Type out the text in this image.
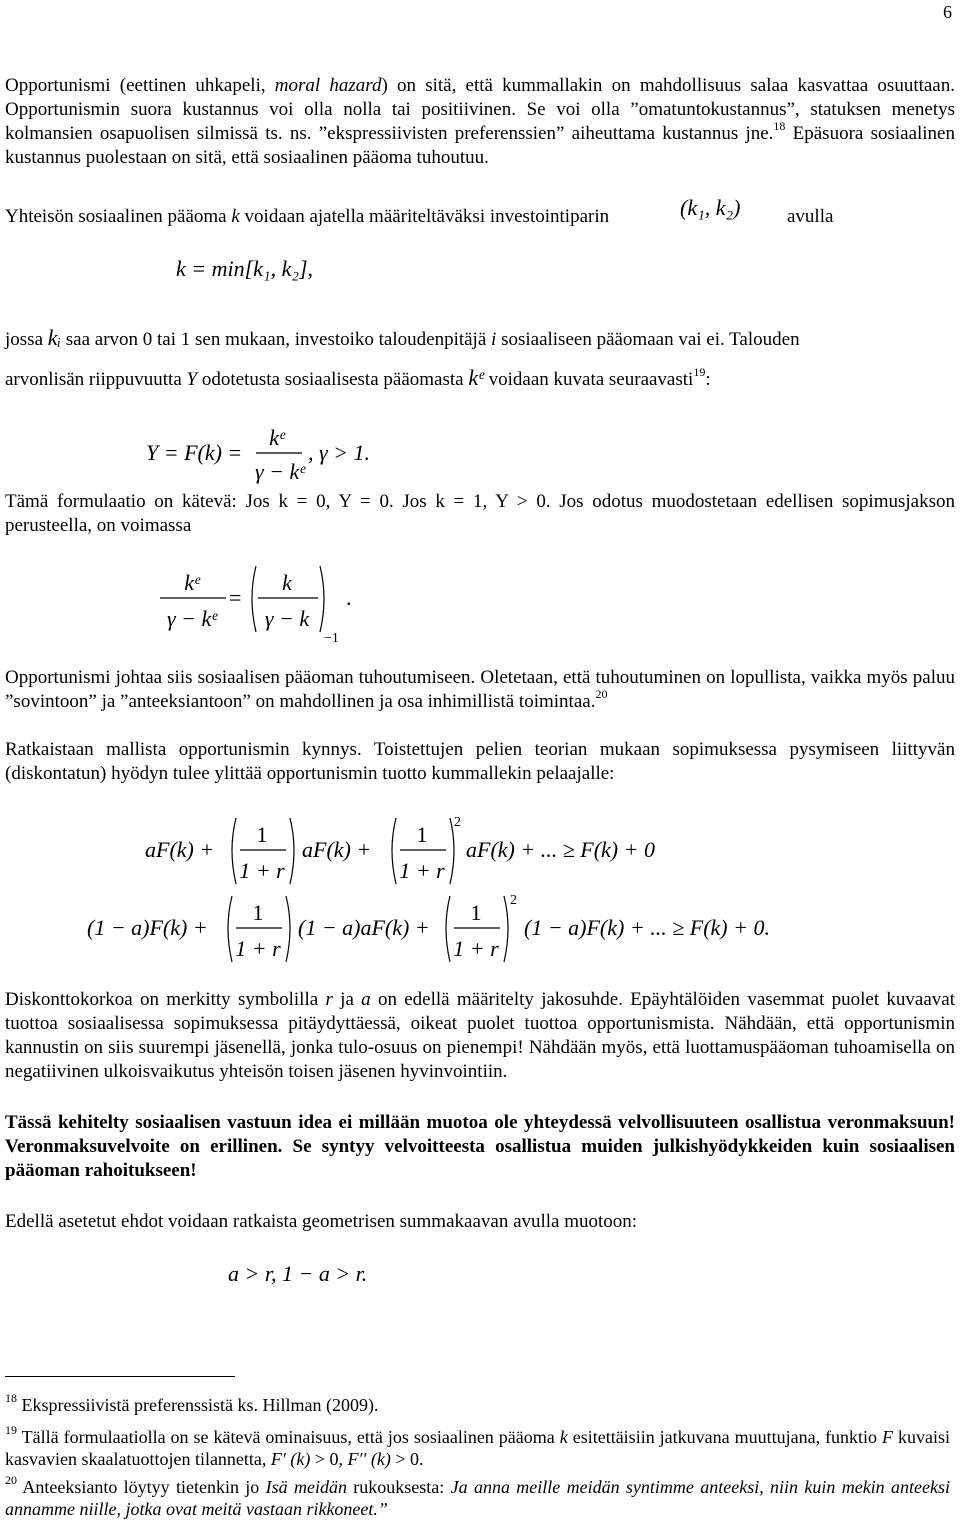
6
Opportunismi (eettinen uhkapeli, moral hazard) on sitä, että kummallakin on mahdollisuus salaa kasvattaa osuuttaan. Opportunismin suora kustannus voi olla nolla tai positiivinen. Se voi olla ”omatuntokustannus”, statuksen menetys kolmansien osapuolisen silmissä ts. ns. ”ekspressiivisten preferenssien” aiheuttama kustannus jne.$^{18}$ Epäsuora sosiaalinen kustannus puolestaan on sitä, että sosiaalinen pääoma tuhoutuu.
Yhteisön sosiaalinen pääoma k voidaan ajatella määriteltäväksi investointiparin	(k₁, k₂) avulla
k = min[k₁, k₂],
jossa kᵢ saa arvon 0 tai 1 sen mukaan, investoiko taloudenpitäjä i sosiaaliseen pääomaan vai ei. Talouden
arvonlisän riippuvuutta Y odotetusta sosiaalisesta pääomasta kᵉ voidaan kuvata seuraavasti$^{19}$:
Y = F(k) =
kᵉ
γ − kᵉ
, γ > 1.
Tämä formulaatio on kätevä: Jos k = 0, Y = 0. Jos k = 1, Y > 0. Jos odotus muodostetaan edellisen sopimusjakson perusteella, on voimassa
kᵉ
γ − kᵉ
=
k
γ − k
−1
.
Opportunismi johtaa siis sosiaalisen pääoman tuhoutumiseen. Oletetaan, että tuhoutuminen on lopullista, vaikka myös paluu ”sovintoon” ja ”anteeksiantoon” on mahdollinen ja osa inhimillistä toimintaa.$^{20}$
Ratkaistaan mallista opportunismin kynnys. Toistettujen pelien teorian mukaan sopimuksessa pysymiseen liittyvän (diskontatun) hyödyn tulee ylittää opportunismin tuotto kummallekin pelaajalle:
aF(k) +
1
1 + r
aF(k) +
1
1 + r
2
aF(k) + ... ≥ F(k) + 0
(1 − a)F(k) +
1
1 + r
(1 − a)aF(k) +
1
1 + r
2
(1 − a)F(k) + ... ≥ F(k) + 0.
Diskonttokorkoa on merkitty symbolilla r ja a on edellä määritelty jakosuhde. Epäyhtälöiden vasemmat puolet kuvaavat tuottoa sosiaalisessa sopimuksessa pitäydyttäessä, oikeat puolet tuottoa opportunismista. Nähdään, että opportunismin kannustin on siis suurempi jäsenellä, jonka tulo-osuus on pienempi! Nähdään myös, että luottamuspääoman tuhoamisella on negatiivinen ulkoisvaikutus yhteisön toisen jäsenen hyvinvointiin.
Tässä kehitelty sosiaalisen vastuun idea ei millään muotoa ole yhteydessä velvollisuuteen osallistua veronmaksuun! Veronmaksuvelvoite on erillinen. Se syntyy velvoitteesta osallistua muiden julkishyödykkeiden kuin sosiaalisen pääoman rahoitukseen!
Edellä asetetut ehdot voidaan ratkaista geometrisen summakaavan avulla muotoon:
a > r, 1 − a > r.
$^{18}$ Ekspressiivistä preferenssistä ks. Hillman (2009).
$^{19}$ Tällä formulaatiolla on se kätevä ominaisuus, että jos sosiaalinen pääoma k esitettäisiin jatkuvana muuttujana, funktio F kuvaisi kasvavien skaalatuottojen tilannetta, F′ (k) > 0, F′′ (k) > 0.
$^{20}$ Anteeksianto löytyy tietenkin jo Isä meidän rukouksesta: Ja anna meille meidän syntimme anteeksi, niin kuin mekin anteeksi annamme niille, jotka ovat meitä vastaan rikkoneet.”
